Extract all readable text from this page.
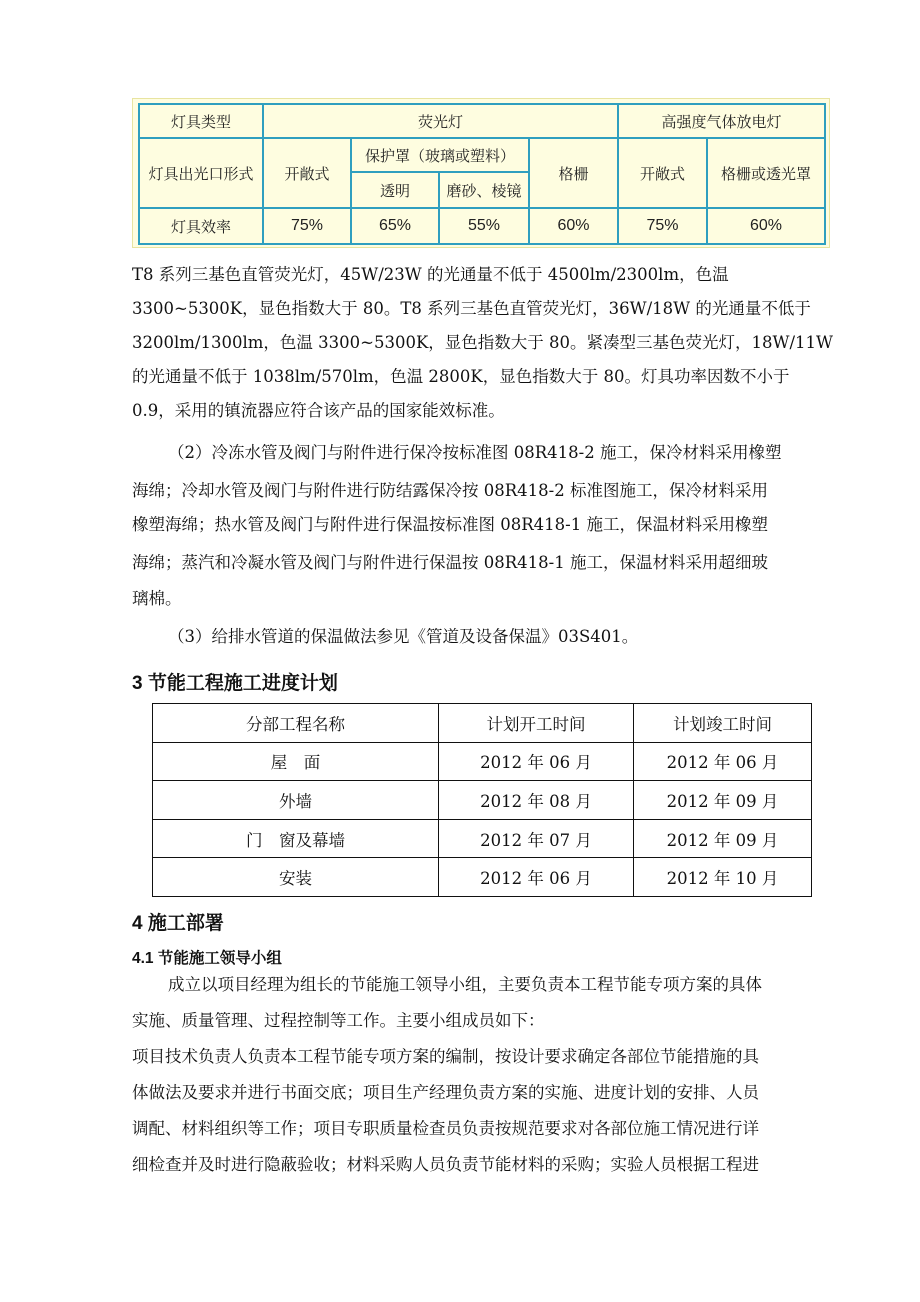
灯具类型	荧光灯				高强度气体放电灯	
灯具出光口形式	开敞式	保护罩（玻璃或塑料）		格栅	开敞式	格栅或透光罩
		透明	磨砂、棱镜			
灯具效率	75%	65%	55%	60%	75%	60%

T8 系列三基色直管荧光灯，45W/23W 的光通量不低于 4500lm/2300lm，色温

3300~5300K，显色指数大于 80。T8 系列三基色直管荧光灯，36W/18W 的光通量不低于

3200lm/1300lm，色温 3300~5300K，显色指数大于 80。紧凑型三基色荧光灯，18W/11W

的光通量不低于 1038lm/570lm，色温 2800K，显色指数大于 80。灯具功率因数不小于

0.9，采用的镇流器应符合该产品的国家能效标准。

（2）冷冻水管及阀门与附件进行保冷按标准图 08R418-2 施工，保冷材料采用橡塑

海绵；冷却水管及阀门与附件进行防结露保冷按 08R418-2 标准图施工，保冷材料采用

橡塑海绵；热水管及阀门与附件进行保温按标准图 08R418-1 施工，保温材料采用橡塑

海绵；蒸汽和冷凝水管及阀门与附件进行保温按 08R418-1 施工，保温材料采用超细玻

璃棉。

（3）给排水管道的保温做法参见《管道及设备保温》03S401。

3 节能工程施工进度计划
分部工程名称	计划开工时间	计划竣工时间
屋　面	2012 年 06 月	2012 年 06 月
外墙	2012 年 08 月	2012 年 09 月
门　窗及幕墙	2012 年 07 月	2012 年 09 月
安装	2012 年 06 月	2012 年 10 月
4 施工部署
4.1 节能施工领导小组

成立以项目经理为组长的节能施工领导小组，主要负责本工程节能专项方案的具体

实施、质量管理、过程控制等工作。主要小组成员如下：

项目技术负责人负责本工程节能专项方案的编制，按设计要求确定各部位节能措施的具

体做法及要求并进行书面交底；项目生产经理负责方案的实施、进度计划的安排、人员

调配、材料组织等工作；项目专职质量检查员负责按规范要求对各部位施工情况进行详

细检查并及时进行隐蔽验收；材料采购人员负责节能材料的采购；实验人员根据工程进
